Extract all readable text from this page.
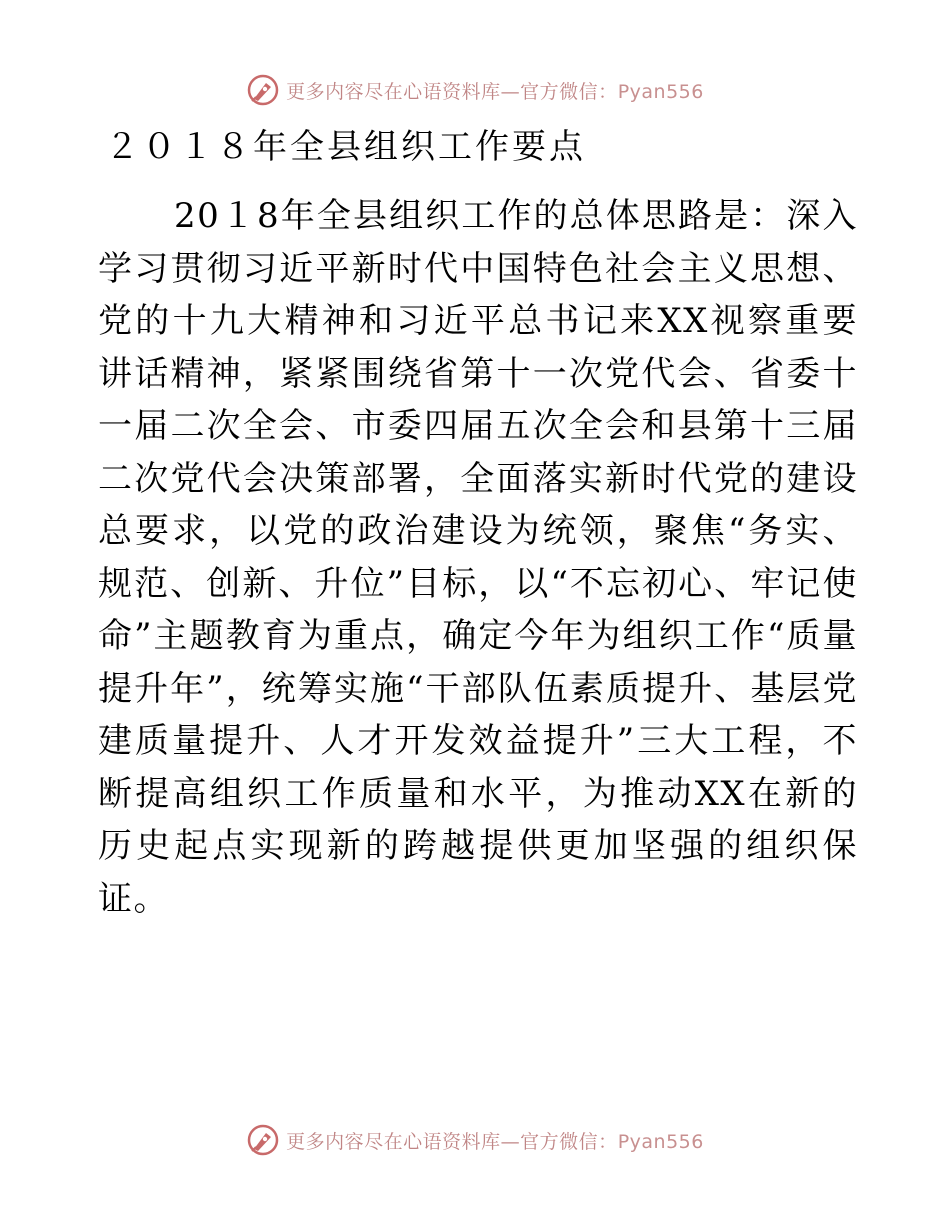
更多内容尽在心语资料库—官方微信：Pyan556
２０１８年全县组织工作要点

20１8年全县组织工作的总体思路是：深入学习贯彻习近平新时代中国特色社会主义思想、党的十九大精神和习近平总书记来XX视察重要讲话精神，紧紧围绕省第十一次党代会、省委十一届二次全会、市委四届五次全会和县第十三届二次党代会决策部署，全面落实新时代党的建设总要求，以党的政治建设为统领，聚焦“务实、规范、创新、升位”目标，以“不忘初心、牢记使命”主题教育为重点，确定今年为组织工作“质量提升年”，统筹实施“干部队伍素质提升、基层党建质量提升、人才开发效益提升”三大工程，不断提高组织工作质量和水平，为推动XX在新的历史起点实现新的跨越提供更加坚强的组织保证。

更多内容尽在心语资料库—官方微信：Pyan556
